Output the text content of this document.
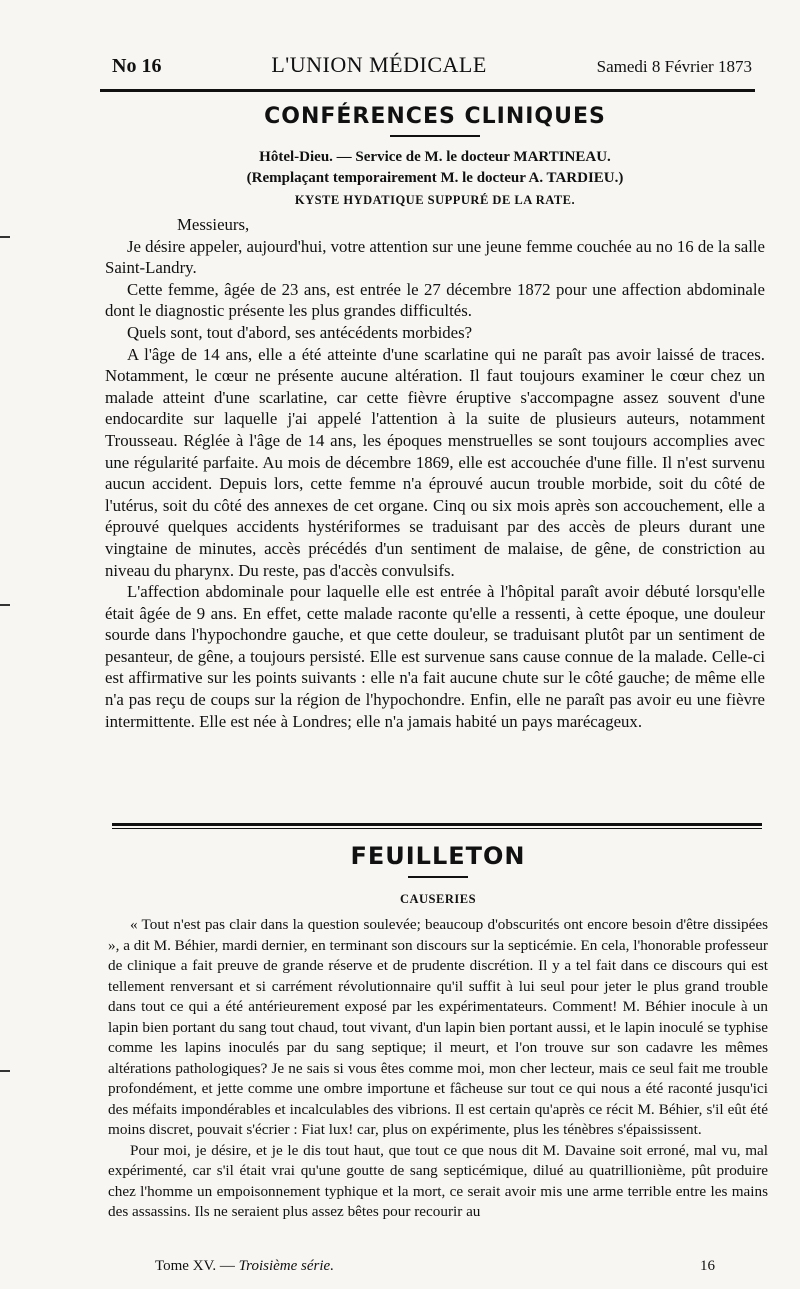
No 16	L'UNION MÉDICALE	Samedi 8 Février 1873
CONFÉRENCES CLINIQUES
Hôtel-Dieu. — Service de M. le docteur MARTINEAU.
(Remplaçant temporairement M. le docteur A. TARDIEU.)
KYSTE HYDATIQUE SUPPURÉ DE LA RATE.

Messieurs,

Je désire appeler, aujourd'hui, votre attention sur une jeune femme couchée au no 16 de la salle Saint-Landry.

Cette femme, âgée de 23 ans, est entrée le 27 décembre 1872 pour une affection abdominale dont le diagnostic présente les plus grandes difficultés.

Quels sont, tout d'abord, ses antécédents morbides?

A l'âge de 14 ans, elle a été atteinte d'une scarlatine qui ne paraît pas avoir laissé de traces. Notamment, le cœur ne présente aucune altération. Il faut toujours examiner le cœur chez un malade atteint d'une scarlatine, car cette fièvre éruptive s'accompagne assez souvent d'une endocardite sur laquelle j'ai appelé l'attention à la suite de plusieurs auteurs, notamment Trousseau. Réglée à l'âge de 14 ans, les époques menstruelles se sont toujours accomplies avec une régularité parfaite. Au mois de décembre 1869, elle est accouchée d'une fille. Il n'est survenu aucun accident. Depuis lors, cette femme n'a éprouvé aucun trouble morbide, soit du côté de l'utérus, soit du côté des annexes de cet organe. Cinq ou six mois après son accouchement, elle a éprouvé quelques accidents hystériformes se traduisant par des accès de pleurs durant une vingtaine de minutes, accès précédés d'un sentiment de malaise, de gêne, de constriction au niveau du pharynx. Du reste, pas d'accès convulsifs.

L'affection abdominale pour laquelle elle est entrée à l'hôpital paraît avoir débuté lorsqu'elle était âgée de 9 ans. En effet, cette malade raconte qu'elle a ressenti, à cette époque, une douleur sourde dans l'hypochondre gauche, et que cette douleur, se traduisant plutôt par un sentiment de pesanteur, de gêne, a toujours persisté. Elle est survenue sans cause connue de la malade. Celle-ci est affirmative sur les points suivants : elle n'a fait aucune chute sur le côté gauche; de même elle n'a pas reçu de coups sur la région de l'hypochondre. Enfin, elle ne paraît pas avoir eu une fièvre intermittente. Elle est née à Londres; elle n'a jamais habité un pays marécageux.

FEUILLETON
CAUSERIES

« Tout n'est pas clair dans la question soulevée; beaucoup d'obscurités ont encore besoin d'être dissipées », a dit M. Béhier, mardi dernier, en terminant son discours sur la septicémie. En cela, l'honorable professeur de clinique a fait preuve de grande réserve et de prudente discrétion. Il y a tel fait dans ce discours qui est tellement renversant et si carrément révolutionnaire qu'il suffit à lui seul pour jeter le plus grand trouble dans tout ce qui a été antérieurement exposé par les expérimentateurs. Comment! M. Béhier inocule à un lapin bien portant du sang tout chaud, tout vivant, d'un lapin bien portant aussi, et le lapin inoculé se typhise comme les lapins inoculés par du sang septique; il meurt, et l'on trouve sur son cadavre les mêmes altérations pathologiques? Je ne sais si vous êtes comme moi, mon cher lecteur, mais ce seul fait me trouble profondément, et jette comme une ombre importune et fâcheuse sur tout ce qui nous a été raconté jusqu'ici des méfaits impondérables et incalculables des vibrions. Il est certain qu'après ce récit M. Béhier, s'il eût été moins discret, pouvait s'écrier : Fiat lux! car, plus on expérimente, plus les ténèbres s'épaississent.

Pour moi, je désire, et je le dis tout haut, que tout ce que nous dit M. Davaine soit erroné, mal vu, mal expérimenté, car s'il était vrai qu'une goutte de sang septicémique, dilué au quatrillionième, pût produire chez l'homme un empoisonnement typhique et la mort, ce serait avoir mis une arme terrible entre les mains des assassins. Ils ne seraient plus assez bêtes pour recourir au

Tome XV. — Troisième série.	16
